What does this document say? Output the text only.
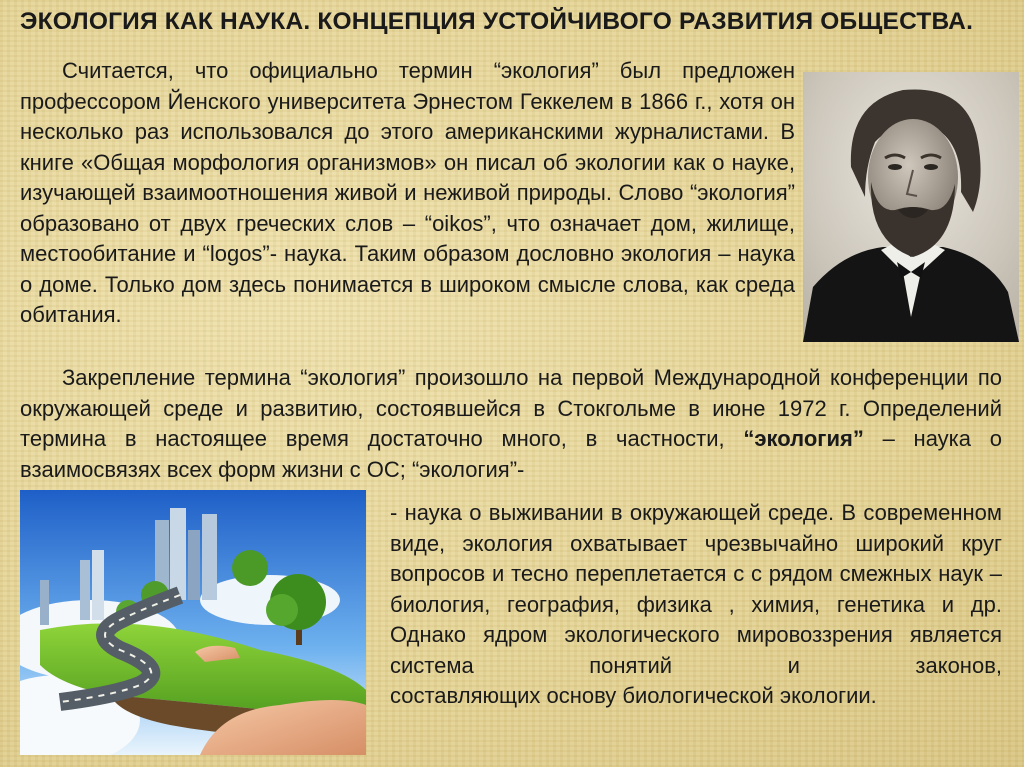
ЭКОЛОГИЯ КАК НАУКА. КОНЦЕПЦИЯ УСТОЙЧИВОГО РАЗВИТИЯ ОБЩЕСТВА.
Считается, что официально термин “экология” был предложен профессором Йенского университета Эрнестом Геккелем в 1866 г., хотя он несколько раз использовался до этого американскими журналистами. В книге «Общая морфология организмов» он писал об экологии как о науке, изучающей взаимоотношения живой и неживой природы. Слово “экология” образовано от двух греческих слов – “oikos”, что означает дом, жилище, местообитание и “logos”- наука. Таким образом дословно экология – наука о доме. Только дом здесь понимается в широком смысле слова, как среда обитания.
Закрепление термина “экология” произошло на первой Международной конференции по окружающей среде и развитию, состоявшейся в Стокгольме в июне 1972 г. Определений термина в настоящее время достаточно много, в частности, “экология” – наука о взаимосвязях всех форм жизни с ОС; “экология”-
- наука о выживании в окружающей среде. В современном виде, экология охватывает чрезвычайно широкий круг вопросов и тесно переплетается с с рядом смежных наук – биология, география, физика , химия, генетика и др. Однако ядром экологического мировоззрения является система понятий и законов,
составляющих основу биологической экологии.
